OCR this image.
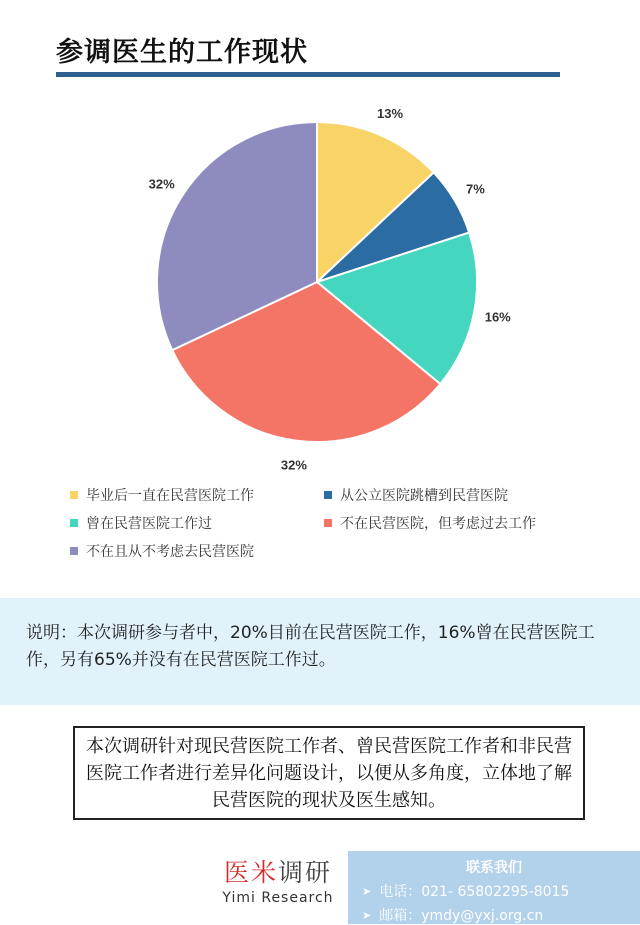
参调医生的工作现状
13%
7%
16%
32%
32%
毕业后一直在民营医院工作	从公立医院跳槽到民营医院
曾在民营医院工作过	不在民营医院，但考虑过去工作
不在且从不考虑去民营医院
说明：本次调研参与者中，20%目前在民营医院工作，16%曾在民营医院工作，另有65%并没有在民营医院工作过。
本次调研针对现民营医院工作者、曾民营医院工作者和非民营医院工作者进行差异化问题设计，以便从多角度，立体地了解民营医院的现状及医生感知。
医米调研
Yimi Research
联系我们
➤ 电话：021- 65802295-8015
➤ 邮箱：ymdy@yxj.org.cn
